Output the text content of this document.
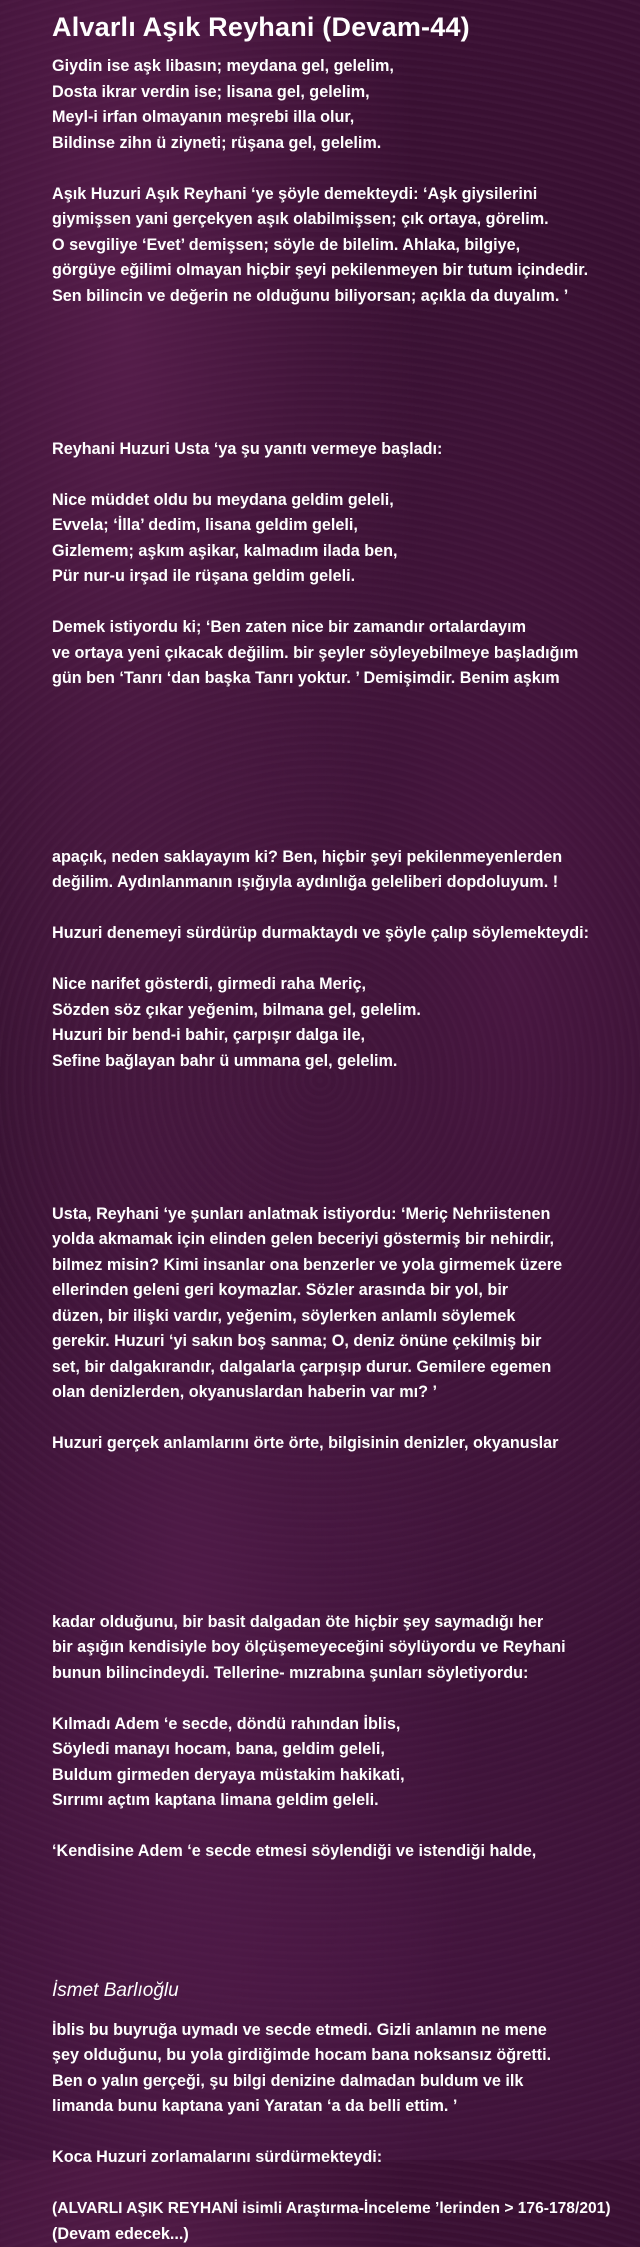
Alvarlı Aşık Reyhani (Devam-44)
Giydin ise aşk libasın; meydana gel, gelelim,
Dosta ikrar verdin ise; lisana gel, gelelim,
Meyl-i irfan olmayanın meşrebi illa olur,
Bildinse zihn ü ziyneti; rüşana gel, gelelim.
Aşık Huzuri Aşık Reyhani ‘ye şöyle demekteydi: ‘Aşk giysilerini
giymişsen yani gerçekyen aşık olabilmişsen; çık ortaya, görelim.
O sevgiliye ‘Evet’ demişsen; söyle de bilelim. Ahlaka, bilgiye,
görgüye eğilimi olmayan hiçbir şeyi pekilenmeyen bir tutum içindedir.
Sen bilincin ve değerin ne olduğunu biliyorsan; açıkla da duyalım. ’
Reyhani Huzuri Usta ‘ya şu yanıtı vermeye başladı:
Nice müddet oldu bu meydana geldim geleli,
Evvela; ‘İlla’ dedim, lisana geldim geleli,
Gizlemem; aşkım aşikar, kalmadım ilada ben,
Pür nur-u irşad ile rüşana geldim geleli.
Demek istiyordu ki; ‘Ben zaten nice bir zamandır ortalardayım
ve ortaya yeni çıkacak değilim. bir şeyler söyleyebilmeye başladığım
gün ben ‘Tanrı ‘dan başka Tanrı yoktur. ’ Demişimdir. Benim aşkım
apaçık, neden saklayayım ki? Ben, hiçbir şeyi pekilenmeyenlerden
değilim. Aydınlanmanın ışığıyla aydınlığa geleliberi dopdoluyum. !
Huzuri denemeyi sürdürüp durmaktaydı ve şöyle çalıp söylemekteydi:
Nice narifet gösterdi, girmedi raha Meriç,
Sözden söz çıkar yeğenim, bilmana gel, gelelim.
Huzuri bir bend-i bahir, çarpışır dalga ile,
Sefine bağlayan bahr ü ummana gel, gelelim.
Usta, Reyhani ‘ye şunları anlatmak istiyordu: ‘Meriç Nehriistenen
yolda akmamak için elinden gelen beceriyi göstermiş bir nehirdir,
bilmez misin? Kimi insanlar ona benzerler ve yola girmemek üzere
ellerinden geleni geri koymazlar. Sözler arasında bir yol, bir
düzen, bir ilişki vardır, yeğenim, söylerken anlamlı söylemek
gerekir. Huzuri ‘yi sakın boş sanma; O, deniz önüne çekilmiş bir
set, bir dalgakırandır, dalgalarla çarpışıp durur. Gemilere egemen
olan denizlerden, okyanuslardan haberin var mı? ’
Huzuri gerçek anlamlarını örte örte, bilgisinin denizler, okyanuslar
kadar olduğunu, bir basit dalgadan öte hiçbir şey saymadığı her
bir aşığın kendisiyle boy ölçüşemeyeceğini söylüyordu ve Reyhani
bunun bilincindeydi. Tellerine- mızrabına şunları söyletiyordu:
Kılmadı Adem ‘e secde, döndü rahından İblis,
Söyledi manayı hocam, bana, geldim geleli,
Buldum girmeden deryaya müstakim hakikati,
Sırrımı açtım kaptana limana geldim geleli.
‘Kendisine Adem ‘e secde etmesi söylendiği ve istendiği halde,
İblis bu buyruğa uymadı ve secde etmedi. Gizli anlamın ne mene
şey olduğunu, bu yola girdiğimde hocam bana noksansız öğretti.
Ben o yalın gerçeği, şu bilgi denizine dalmadan buldum ve ilk
limanda bunu kaptana yani Yaratan ‘a da belli ettim. ’
Koca Huzuri zorlamalarını sürdürmekteydi:
(ALVARLI AŞIK REYHANİ isimli Araştırma-İnceleme ’lerinden > 176-178/201)
(Devam edecek...)

İsmet Barlıoğlu
